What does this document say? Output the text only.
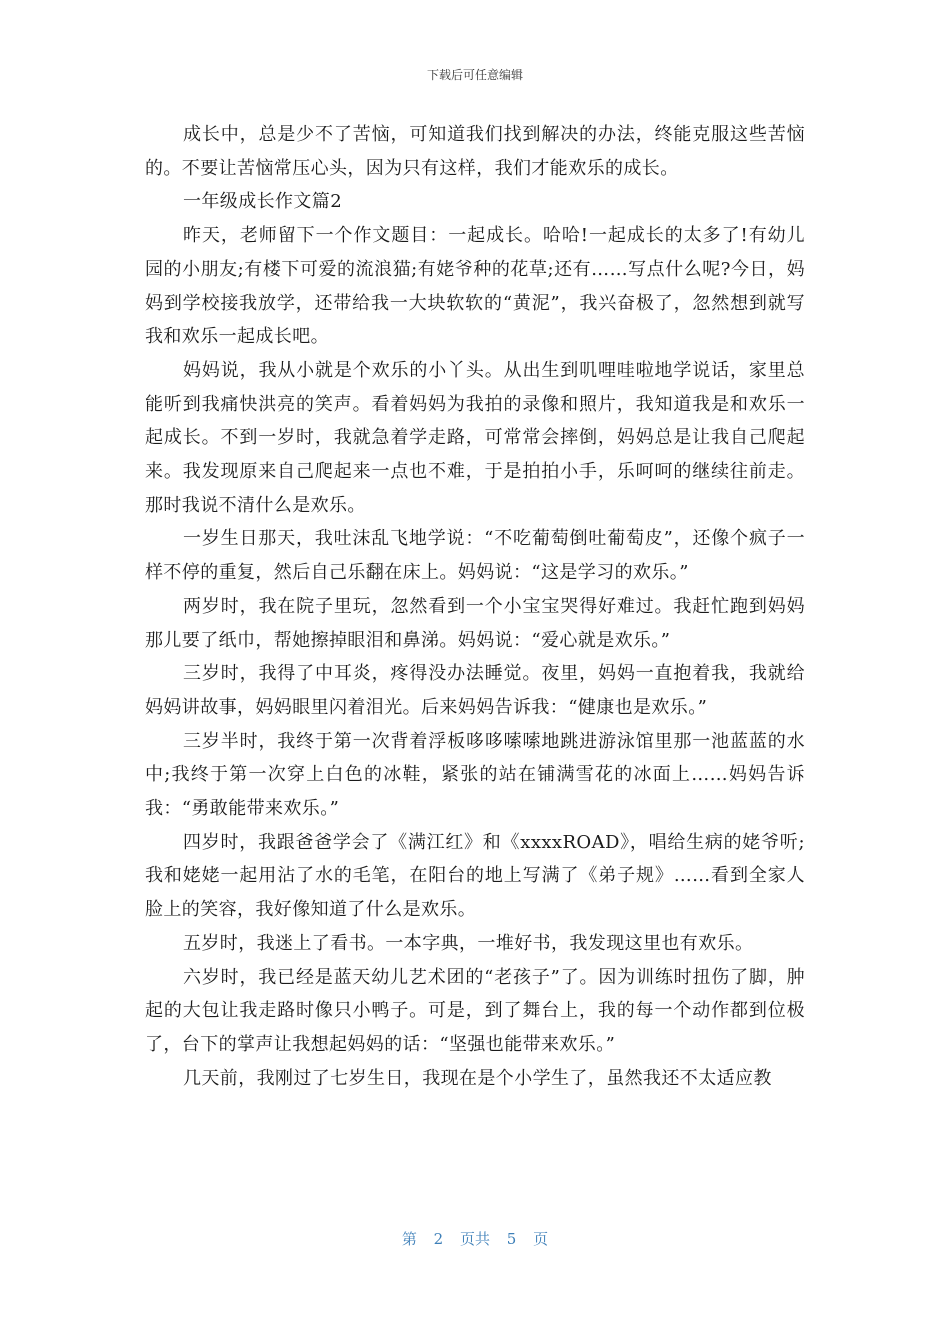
下载后可任意编辑

成长中，总是少不了苦恼，可知道我们找到解决的办法，终能克服这些苦恼的。不要让苦恼常压心头，因为只有这样，我们才能欢乐的成长。

一年级成长作文篇2

昨天，老师留下一个作文题目：一起成长。哈哈!一起成长的太多了!有幼儿园的小朋友;有楼下可爱的流浪猫;有姥爷种的花草;还有……写点什么呢?今日，妈妈到学校接我放学，还带给我一大块软软的“黄泥”，我兴奋极了，忽然想到就写我和欢乐一起成长吧。

妈妈说，我从小就是个欢乐的小丫头。从出生到叽哩哇啦地学说话，家里总能听到我痛快洪亮的笑声。看着妈妈为我拍的录像和照片，我知道我是和欢乐一起成长。不到一岁时，我就急着学走路，可常常会摔倒，妈妈总是让我自己爬起来。我发现原来自己爬起来一点也不难，于是拍拍小手，乐呵呵的继续往前走。那时我说不清什么是欢乐。

一岁生日那天，我吐沫乱飞地学说：“不吃葡萄倒吐葡萄皮”，还像个疯子一样不停的重复，然后自己乐翻在床上。妈妈说：“这是学习的欢乐。”

两岁时，我在院子里玩，忽然看到一个小宝宝哭得好难过。我赶忙跑到妈妈那儿要了纸巾，帮她擦掉眼泪和鼻涕。妈妈说：“爱心就是欢乐。”

三岁时，我得了中耳炎，疼得没办法睡觉。夜里，妈妈一直抱着我，我就给妈妈讲故事，妈妈眼里闪着泪光。后来妈妈告诉我：“健康也是欢乐。”

三岁半时，我终于第一次背着浮板哆哆嗦嗦地跳进游泳馆里那一池蓝蓝的水中;我终于第一次穿上白色的冰鞋，紧张的站在铺满雪花的冰面上……妈妈告诉我：“勇敢能带来欢乐。”

四岁时，我跟爸爸学会了《满江红》和《xxxxROAD》，唱给生病的姥爷听;我和姥姥一起用沾了水的毛笔，在阳台的地上写满了《弟子规》……看到全家人脸上的笑容，我好像知道了什么是欢乐。

五岁时，我迷上了看书。一本字典，一堆好书，我发现这里也有欢乐。

六岁时，我已经是蓝天幼儿艺术团的“老孩子”了。因为训练时扭伤了脚，肿起的大包让我走路时像只小鸭子。可是，到了舞台上，我的每一个动作都到位极了，台下的掌声让我想起妈妈的话：“坚强也能带来欢乐。”

几天前，我刚过了七岁生日，我现在是个小学生了，虽然我还不太适应教

第 2 页共 5 页
